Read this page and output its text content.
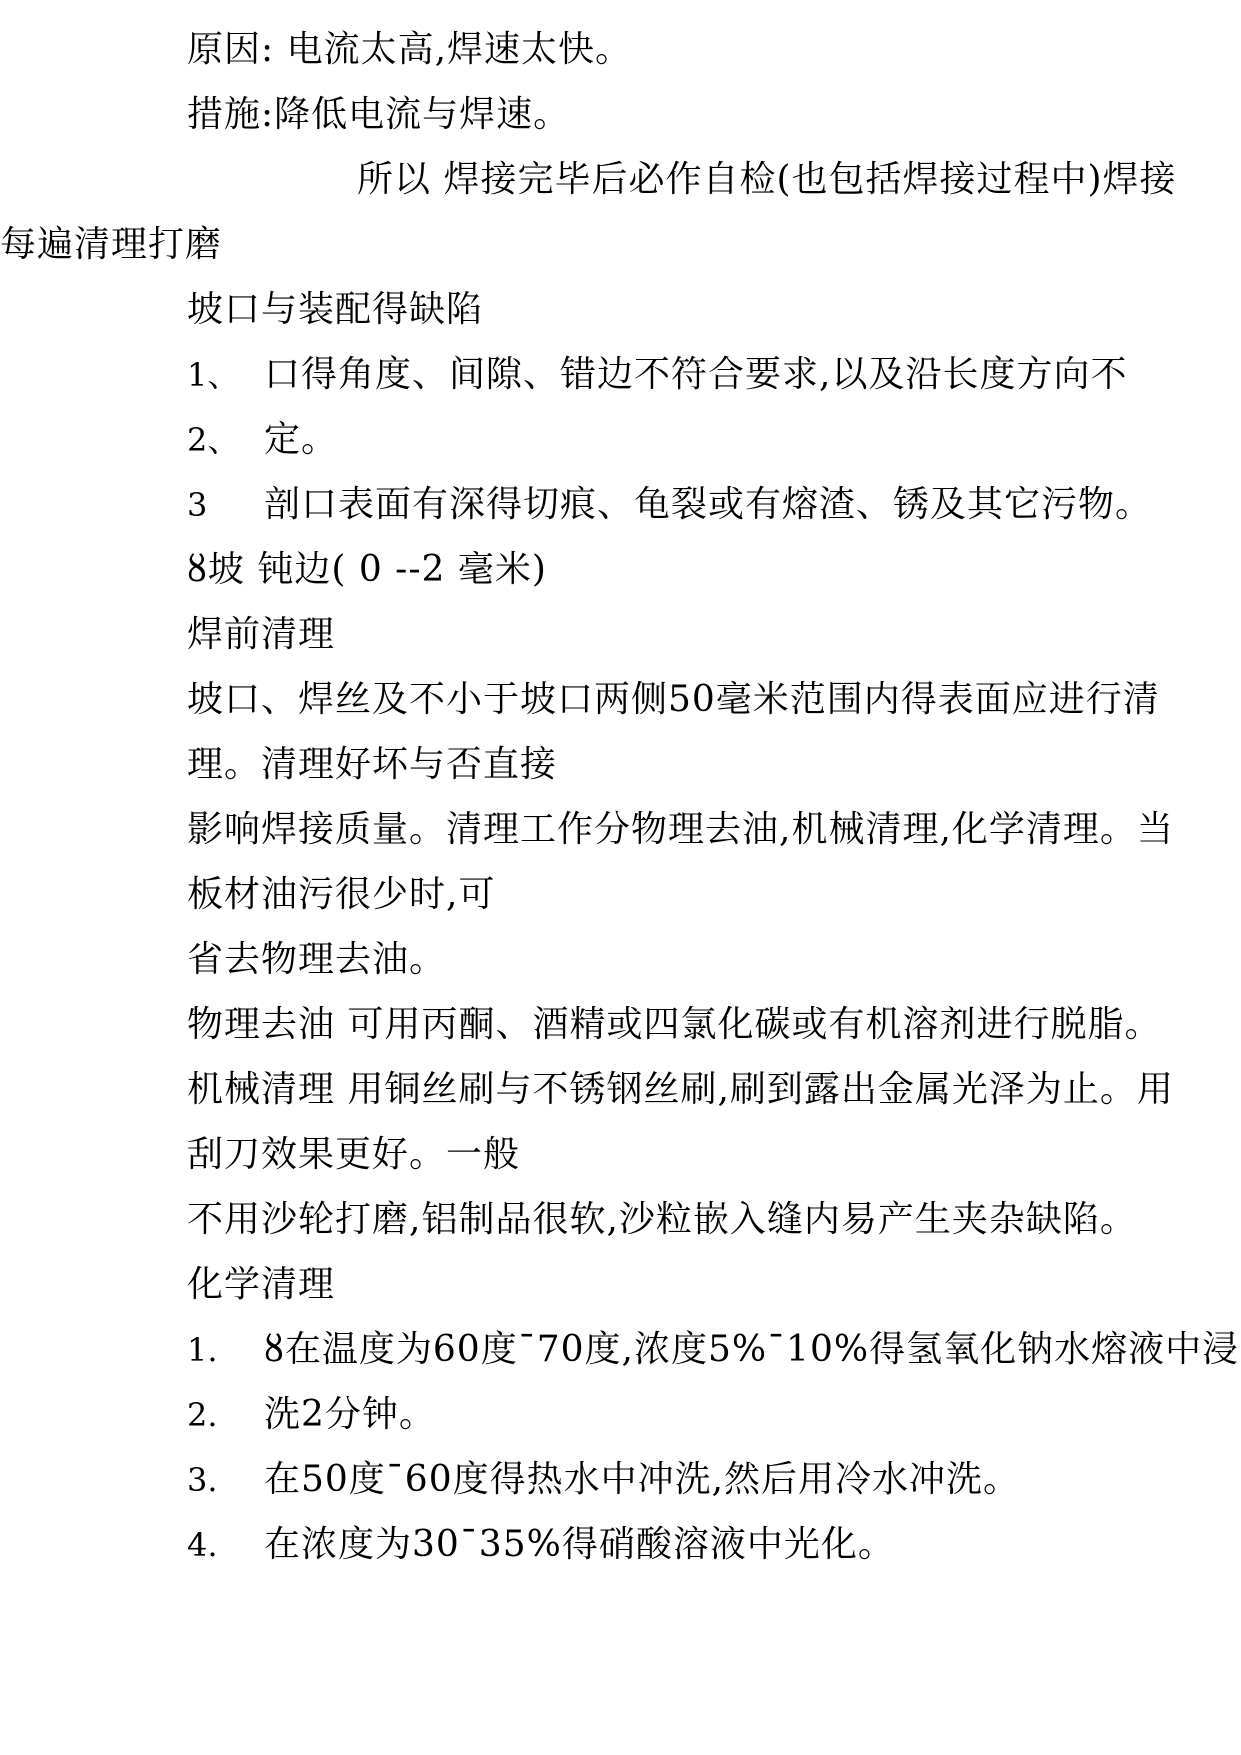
原因: 电流太高,焊速太快。
措施:降低电流与焊速。
所以 焊接完毕后必作自检(也包括焊接过程中)焊接
每遍清理打磨
坡口与装配得缺陷
1、 口得角度、间隙、错边不符合要求,以及沿长度方向不
2、 定。
3 剖口表面有深得切痕、龟裂或有熔渣、锈及其它污物。
ȣ坡 钝边( 0 --2 毫米)
焊前清理
坡口、焊丝及不小于坡口两侧50毫米范围内得表面应进行清
理。清理好坏与否直接
影响焊接质量。清理工作分物理去油,机械清理,化学清理。当
板材油污很少时,可
省去物理去油。
物理去油 可用丙酮、酒精或四氯化碳或有机溶剂进行脱脂。
机械清理 用铜丝刷与不锈钢丝刷,刷到露出金属光泽为止。用
刮刀效果更好。一般
不用沙轮打磨,铝制品很软,沙粒嵌入缝内易产生夹杂缺陷。
化学清理
1. ȣ在温度为60度¯70度,浓度5%¯10%得氢氧化钠水熔液中浸
2. 洗2分钟。
3. 在50度¯60度得热水中冲洗,然后用冷水冲洗。
4. 在浓度为30¯35%得硝酸溶液中光化。
